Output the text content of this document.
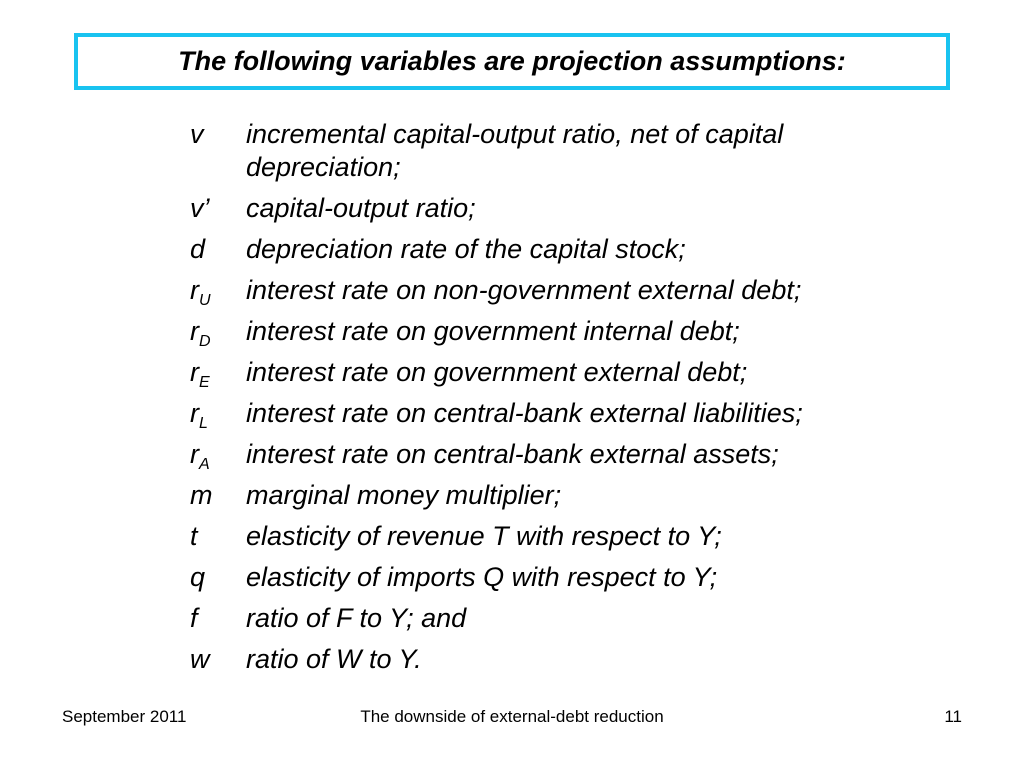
The following variables are projection assumptions:
v	incremental capital-output ratio, net of capital depreciation;
v’	capital-output ratio;
d	depreciation rate of the capital stock;
$r_U$	interest rate on non-government external debt;
$r_D$	interest rate on government internal debt;
$r_E$	interest rate on government external debt;
$r_L$	interest rate on central-bank external liabilities;
$r_A$	interest rate on central-bank external assets;
m	marginal money multiplier;
t	elasticity of revenue T with respect to Y;
q	elasticity of imports Q with respect to Y;
f	ratio of F to Y; and
w	ratio of W to Y.
September 2011	The downside of external-debt reduction	11
